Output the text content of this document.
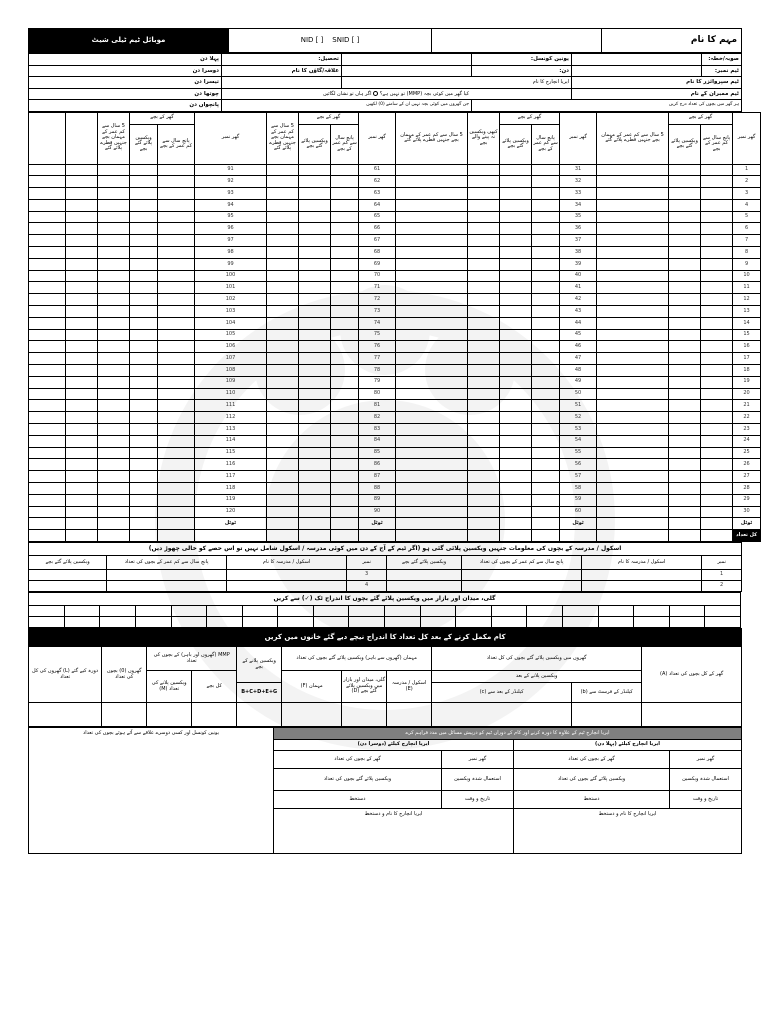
موبائل ٹیم ٹیلی شیٹ	NID [ ] SNID [ ]		مہم کا نام
صوبہ/خطہ:		یونین کونسل:		تحصیل:	پہلا دن
ٹیم نمبر:		دن:		علاقہ/گاؤں کا نام	دوسرا دن
ٹیم سپروائزر کا نام		ایریا انچارج کا نام			تیسرا دن
ٹیم ممبران کے نام		کیا گھر میں کوئی بچہ (MMP) تو نہیں ہے؟  اگر ہاں تو نشان لگائیں			چوتھا دن
ہر گھر میں بچوں کی تعداد درج کریں			جن گھروں میں کوئی بچہ نہیں ان کے سامنے (0) لکھیں		پانچواں دن
گھر نمبر	گھر کے بچے		5 سال سے کم عمر کے مہمان بچے جنہیں قطرے پلائے گئے	گھر نمبر	گھر کے بچے		کبھی ویکسین نہ پینے والے بچے	5 سال سے کم عمر کے مہمان بچے جنہیں قطرے پلائے گئے	گھر نمبر	گھر کے بچے		5 سال سے کم عمر کے مہمان بچے جنہیں قطرے پلائے گئے	گھر نمبر	گھر کے بچے		5 سال سے کم عمر کے مہمان بچے جنہیں قطرے پلائے گئے			
	پانچ سال سے کم عمر کے بچے	ویکسین پلائے گئے بچے			پانچ سال سے کم عمر کے بچے	ویکسین پلائے گئے بچے				پانچ سال سے کم عمر کے بچے	ویکسین پلائے گئے بچے			پانچ سال سے کم عمر کے بچے	ویکسین پلائے گئے بچے				
1				31					61				91						
2				32					62				92						
3				33					63				93						
4				34					64				94						
5				35					65				95						
6				36					66				96						
7				37					67				97						
8				38					68				98						
9				39					69				99						
10				40					70				100						
11				41					71				101						
12				42					72				102						
13				43					73				103						
14				44					74				104						
15				45					75				105						
16				46					76				106						
17				47					77				107						
18				48					78				108						
19				49					79				109						
20				50					80				110						
21				51					81				111						
22				52					82				112						
23				53					83				113						
24				54					84				114						
25				55					85				115						
26				56					86				116						
27				57					87				117						
28				58					88				118						
29				59					89				119						
30				60					90				120						
ٹوٹل				ٹوٹل					ٹوٹل				ٹوٹل						
کل تعداد																			
اسکول / مدرسہ کے بچوں کی معلومات جنہیں ویکسین پلائی گئی ہو (اگر ٹیم کے آج کے دن میں کوئی مدرسہ / اسکول شامل نہیں تو اس حصے کو خالی چھوڑ دیں)							
نمبر	اسکول / مدرسہ کا نام	پانچ سال سے کم عمر کے بچوں کی تعداد	ویکسین پلائے گئے بچے	نمبر	اسکول / مدرسہ کا نام	پانچ سال سے کم عمر کے بچوں کی تعداد	ویکسین پلائے گئے بچے
1				3			
2				4			
گلی، میدان اور بازار میں ویکسین پلائے گئے بچوں کا اندراج ٹک (✓) سے کریں																			

کام مکمل کرنے کے بعد کل تعداد کا اندراج نیچے دیے گئے خانوں میں کریں										
گھر کے کل بچوں کی تعداد (A)	گھروں میں ویکسین پلائے گئے بچوں کی کل تعداد		مہمان (گھروں سے باہر) ویکسین پلائے گئے بچوں کی تعداد			ویکسین پلانے کے بچے	MMP (گھروں اور باہر) کے بچوں کی تعداد		گھروں (0) بچوں کی تعداد	دورہ کیے گئے (L) گھروں کی کل تعداد
	ویکسین پلانے کے بعد		اسکول / مدرسہ (E)	گلی، میدان اور بازار میں ویکسین پلائے گئے بچے (D)	مہمان (F)		کل بچے	ویکسین پلانے کی تعداد (M)		
	کیلنڈر کے فرسٹ سے (b)	کیلنڈر کے بعد سے (c)				B+C+D+E+G				

ایریا انچارج ٹیم کے علاوہ کا دورہ کرنے اور کام کے دوران ٹیم کو درپیش مسائل میں مدد فراہم کرے				یونین کونسل اور کسی دوسرے علاقے سے آئے ہوئے بچوں کی تعداد
ایریا انچارج کیلئے (پہلا دن)		ایریا انچارج کیلئے (دوسرا دن)		
گھر نمبر	گھر کے بچوں کی تعداد	گھر نمبر	گھر کے بچوں کی تعداد	
استعمال شدہ ویکسین	ویکسین پلائے گئے بچوں کی تعداد	استعمال شدہ ویکسین	ویکسین پلائے گئے بچوں کی تعداد	
تاریخ و وقت	دستخط	تاریخ و وقت	دستخط	
ایریا انچارج کا نام و دستخط		ایریا انچارج کا نام و دستخط		
